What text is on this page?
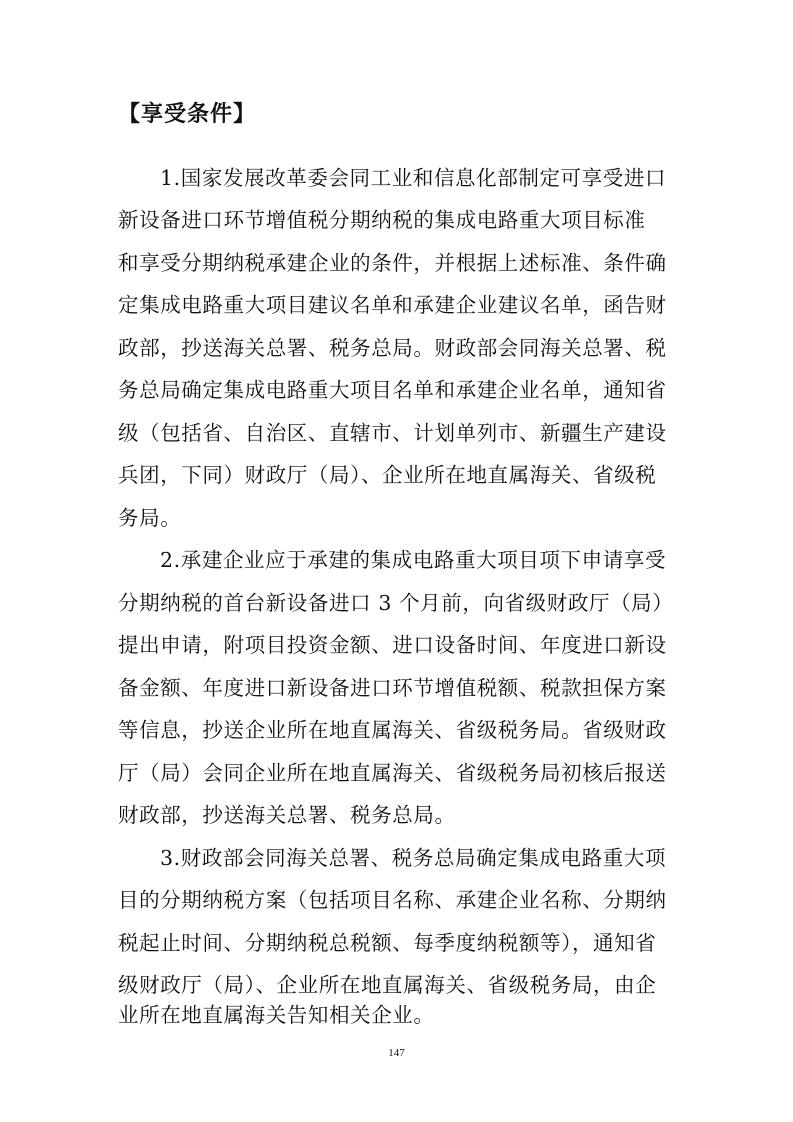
【享受条件】
1.国家发展改革委会同工业和信息化部制定可享受进口
新设备进口环节增值税分期纳税的集成电路重大项目标准
和享受分期纳税承建企业的条件，并根据上述标准、条件确
定集成电路重大项目建议名单和承建企业建议名单，函告财
政部，抄送海关总署、税务总局。财政部会同海关总署、税
务总局确定集成电路重大项目名单和承建企业名单，通知省
级（包括省、自治区、直辖市、计划单列市、新疆生产建设
兵团，下同）财政厅（局）、企业所在地直属海关、省级税
务局。
2.承建企业应于承建的集成电路重大项目项下申请享受
分期纳税的首台新设备进口 3 个月前，向省级财政厅（局）
提出申请，附项目投资金额、进口设备时间、年度进口新设
备金额、年度进口新设备进口环节增值税额、税款担保方案
等信息，抄送企业所在地直属海关、省级税务局。省级财政
厅（局）会同企业所在地直属海关、省级税务局初核后报送
财政部，抄送海关总署、税务总局。
3.财政部会同海关总署、税务总局确定集成电路重大项
目的分期纳税方案（包括项目名称、承建企业名称、分期纳
税起止时间、分期纳税总税额、每季度纳税额等），通知省
级财政厅（局）、企业所在地直属海关、省级税务局，由企
业所在地直属海关告知相关企业。
147
